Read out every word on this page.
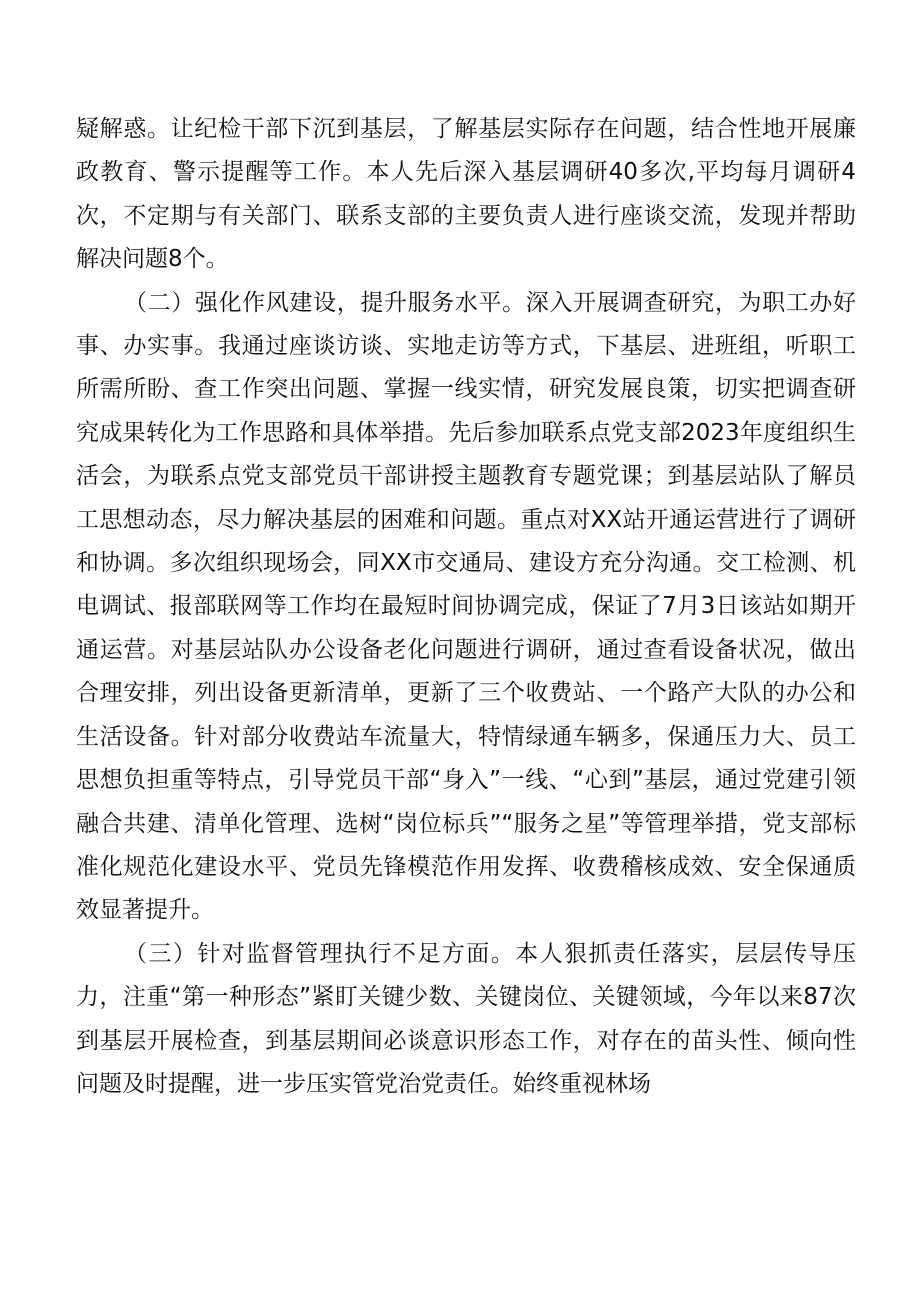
疑解惑。让纪检干部下沉到基层，了解基层实际存在问题，结合性地开展廉政教育、警示提醒等工作。本人先后深入基层调研40多次,平均每月调研4次，不定期与有关部门、联系支部的主要负责人进行座谈交流，发现并帮助解决问题8个。

（二）强化作风建设，提升服务水平。深入开展调查研究，为职工办好事、办实事。我通过座谈访谈、实地走访等方式，下基层、进班组，听职工所需所盼、查工作突出问题、掌握一线实情，研究发展良策，切实把调查研究成果转化为工作思路和具体举措。先后参加联系点党支部2023年度组织生活会，为联系点党支部党员干部讲授主题教育专题党课；到基层站队了解员工思想动态，尽力解决基层的困难和问题。重点对XX站开通运营进行了调研和协调。多次组织现场会，同XX市交通局、建设方充分沟通。交工检测、机电调试、报部联网等工作均在最短时间协调完成，保证了7月3日该站如期开通运营。对基层站队办公设备老化问题进行调研，通过查看设备状况，做出合理安排，列出设备更新清单，更新了三个收费站、一个路产大队的办公和生活设备。针对部分收费站车流量大，特情绿通车辆多，保通压力大、员工思想负担重等特点，引导党员干部“身入”一线、“心到”基层，通过党建引领融合共建、清单化管理、选树“岗位标兵”“服务之星”等管理举措，党支部标准化规范化建设水平、党员先锋模范作用发挥、收费稽核成效、安全保通质效显著提升。

（三）针对监督管理执行不足方面。本人狠抓责任落实，层层传导压力，注重“第一种形态”紧盯关键少数、关键岗位、关键领域，今年以来87次到基层开展检查，到基层期间必谈意识形态工作，对存在的苗头性、倾向性问题及时提醒，进一步压实管党治党责任。始终重视林场
